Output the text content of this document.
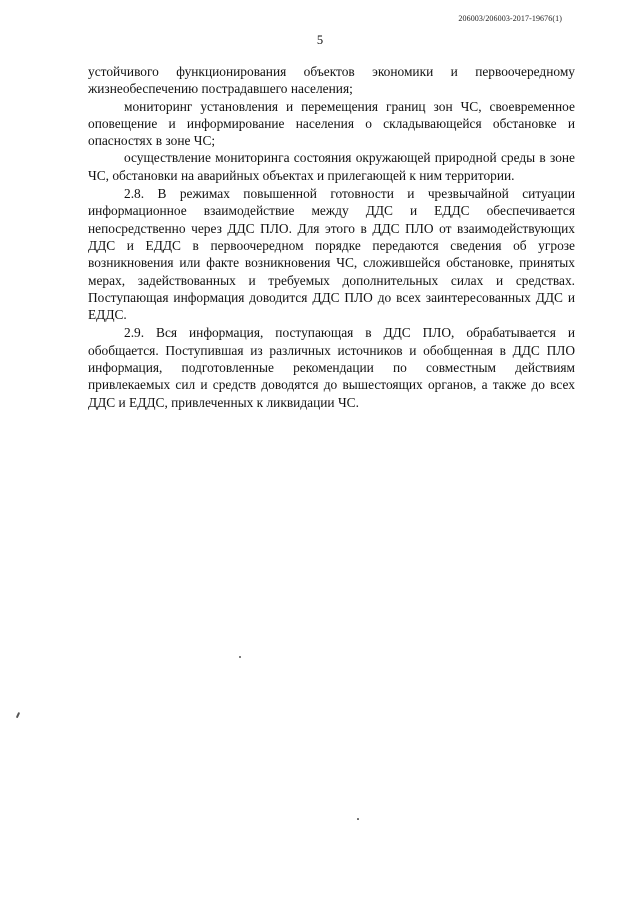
206003/206003-2017-19676(1)
5

устойчивого функционирования объектов экономики и первоочередному жизнеобеспечению пострадавшего населения;

мониторинг установления и перемещения границ зон ЧС, своевременное оповещение и информирование населения о складывающейся обстановке и опасностях в зоне ЧС;

осуществление мониторинга состояния окружающей природной среды в зоне ЧС, обстановки на аварийных объектах и прилегающей к ним территории.

2.8. В режимах повышенной готовности и чрезвычайной ситуации информационное взаимодействие между ДДС и ЕДДС обеспечивается непосредственно через ДДС ПЛО. Для этого в ДДС ПЛО от взаимодействующих ДДС и ЕДДС в первоочередном порядке передаются сведения об угрозе возникновения или факте возникновения ЧС, сложившейся обстановке, принятых мерах, задействованных и требуемых дополнительных силах и средствах. Поступающая информация доводится ДДС ПЛО до всех заинтересованных ДДС и ЕДДС.

2.9. Вся информация, поступающая в ДДС ПЛО, обрабатывается и обобщается. Поступившая из различных источников и обобщенная в ДДС ПЛО информация, подготовленные рекомендации по совместным действиям привлекаемых сил и средств доводятся до вышестоящих органов, а также до всех ДДС и ЕДДС, привлеченных к ликвидации ЧС.
